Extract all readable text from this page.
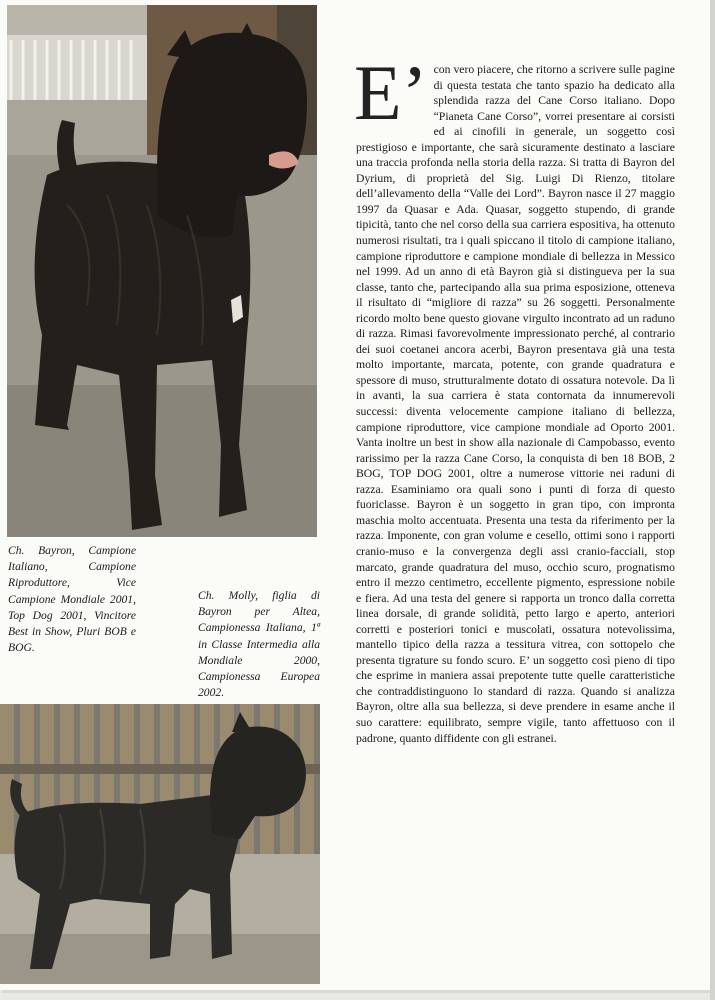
Ch. Bayron, Campione Italiano, Campione Riproduttore, Vice Campione Mondiale 2001, Top Dog 2001, Vincitore Best in Show, Pluri BOB e BOG.

Ch. Molly, figlia di Bayron per Altea, Campionessa Italiana, 1ª in Classe Intermedia alla Mondiale 2000, Campionessa Europea 2002.

E’ con vero piacere, che ritorno a scrivere sulle pagine di questa testata che tanto spazio ha dedicato alla splendida razza del Cane Corso italiano. Dopo “Pianeta Cane Corso”, vorrei presentare ai corsisti ed ai cinofili in generale, un soggetto così prestigioso e importante, che sarà sicuramente destinato a lasciare una traccia profonda nella storia della razza. Si tratta di Bayron del Dyrium, di proprietà del Sig. Luigi Di Rienzo, titolare dell’allevamento della “Valle dei Lord”. Bayron nasce il 27 maggio 1997 da Quasar e Ada. Quasar, soggetto stupendo, di grande tipicità, tanto che nel corso della sua carriera espositiva, ha ottenuto numerosi risultati, tra i quali spiccano il titolo di campione italiano, campione riproduttore e campione mondiale di bellezza in Messico nel 1999. Ad un anno di età Bayron già si distingueva per la sua classe, tanto che, partecipando alla sua prima esposizione, otteneva il risultato di “migliore di razza” su 26 soggetti. Personalmente ricordo molto bene questo giovane virgulto incontrato ad un raduno di razza. Rimasi favorevolmente impressionato perché, al contrario dei suoi coetanei ancora acerbi, Bayron presentava già una testa molto importante, marcata, potente, con grande quadratura e spessore di muso, strutturalmente dotato di ossatura notevole. Da lì in avanti, la sua carriera è stata contornata da innumerevoli successi: diventa velocemente campione italiano di bellezza, campione riproduttore, vice campione mondiale ad Oporto 2001. Vanta inoltre un best in show alla nazionale di Campobasso, evento rarissimo per la razza Cane Corso, la conquista di ben 18 BOB, 2 BOG, TOP DOG 2001, oltre a numerose vittorie nei raduni di razza. Esaminiamo ora quali sono i punti di forza di questo fuoriclasse. Bayron è un soggetto in gran tipo, con impronta maschia molto accentuata. Presenta una testa da riferimento per la razza. Imponente, con gran volume e cesello, ottimi sono i rapporti cranio-muso e la convergenza degli assi cranio-facciali, stop marcato, grande quadratura del muso, occhio scuro, prognatismo entro il mezzo centimetro, eccellente pigmento, espressione nobile e fiera. Ad una testa del genere si rapporta un tronco dalla corretta linea dorsale, di grande solidità, petto largo e aperto, anteriori corretti e posteriori tonici e muscolati, ossatura notevolissima, mantello tipico della razza a tessitura vitrea, con sottopelo che presenta tigrature su fondo scuro. E’ un soggetto così pieno di tipo che esprime in maniera assai prepotente tutte quelle caratteristiche che contraddistinguono lo standard di razza. Quando si analizza Bayron, oltre alla sua bellezza, si deve prendere in esame anche il suo carattere: equilibrato, sempre vigile, tanto affettuoso con il padrone, quanto diffidente con gli estranei.
